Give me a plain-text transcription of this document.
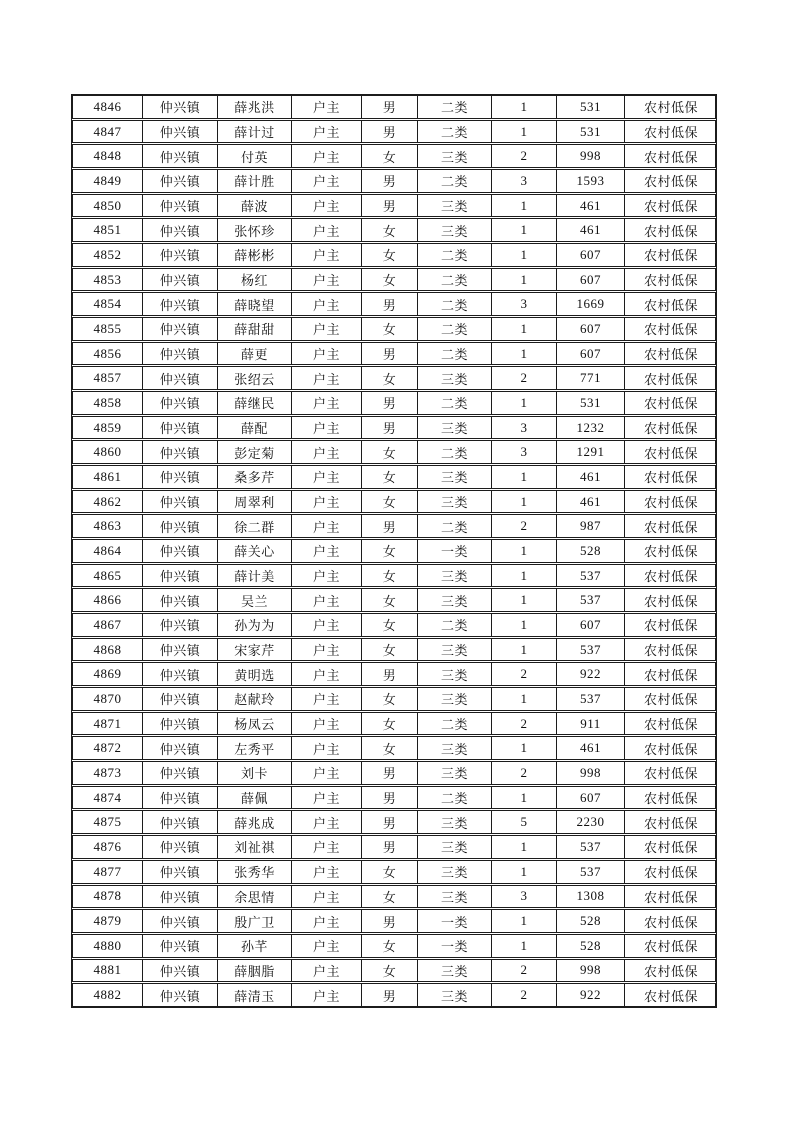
4846	仲兴镇	薛兆洪	户主	男	二类	1	531	农村低保
4847	仲兴镇	薛计过	户主	男	二类	1	531	农村低保
4848	仲兴镇	付英	户主	女	三类	2	998	农村低保
4849	仲兴镇	薛计胜	户主	男	二类	3	1593	农村低保
4850	仲兴镇	薛波	户主	男	三类	1	461	农村低保
4851	仲兴镇	张怀珍	户主	女	三类	1	461	农村低保
4852	仲兴镇	薛彬彬	户主	女	二类	1	607	农村低保
4853	仲兴镇	杨红	户主	女	二类	1	607	农村低保
4854	仲兴镇	薛晓望	户主	男	二类	3	1669	农村低保
4855	仲兴镇	薛甜甜	户主	女	二类	1	607	农村低保
4856	仲兴镇	薛更	户主	男	二类	1	607	农村低保
4857	仲兴镇	张绍云	户主	女	三类	2	771	农村低保
4858	仲兴镇	薛继民	户主	男	二类	1	531	农村低保
4859	仲兴镇	薛配	户主	男	三类	3	1232	农村低保
4860	仲兴镇	彭定菊	户主	女	二类	3	1291	农村低保
4861	仲兴镇	桑多芹	户主	女	三类	1	461	农村低保
4862	仲兴镇	周翠利	户主	女	三类	1	461	农村低保
4863	仲兴镇	徐二群	户主	男	二类	2	987	农村低保
4864	仲兴镇	薛关心	户主	女	一类	1	528	农村低保
4865	仲兴镇	薛计美	户主	女	三类	1	537	农村低保
4866	仲兴镇	吴兰	户主	女	三类	1	537	农村低保
4867	仲兴镇	孙为为	户主	女	二类	1	607	农村低保
4868	仲兴镇	宋家芹	户主	女	三类	1	537	农村低保
4869	仲兴镇	黄明选	户主	男	三类	2	922	农村低保
4870	仲兴镇	赵献玲	户主	女	三类	1	537	农村低保
4871	仲兴镇	杨凤云	户主	女	二类	2	911	农村低保
4872	仲兴镇	左秀平	户主	女	三类	1	461	农村低保
4873	仲兴镇	刘卡	户主	男	三类	2	998	农村低保
4874	仲兴镇	薛佩	户主	男	二类	1	607	农村低保
4875	仲兴镇	薛兆成	户主	男	三类	5	2230	农村低保
4876	仲兴镇	刘祉祺	户主	男	三类	1	537	农村低保
4877	仲兴镇	张秀华	户主	女	三类	1	537	农村低保
4878	仲兴镇	余思情	户主	女	三类	3	1308	农村低保
4879	仲兴镇	殷广卫	户主	男	一类	1	528	农村低保
4880	仲兴镇	孙芊	户主	女	一类	1	528	农村低保
4881	仲兴镇	薛胭脂	户主	女	三类	2	998	农村低保
4882	仲兴镇	薛清玉	户主	男	三类	2	922	农村低保
